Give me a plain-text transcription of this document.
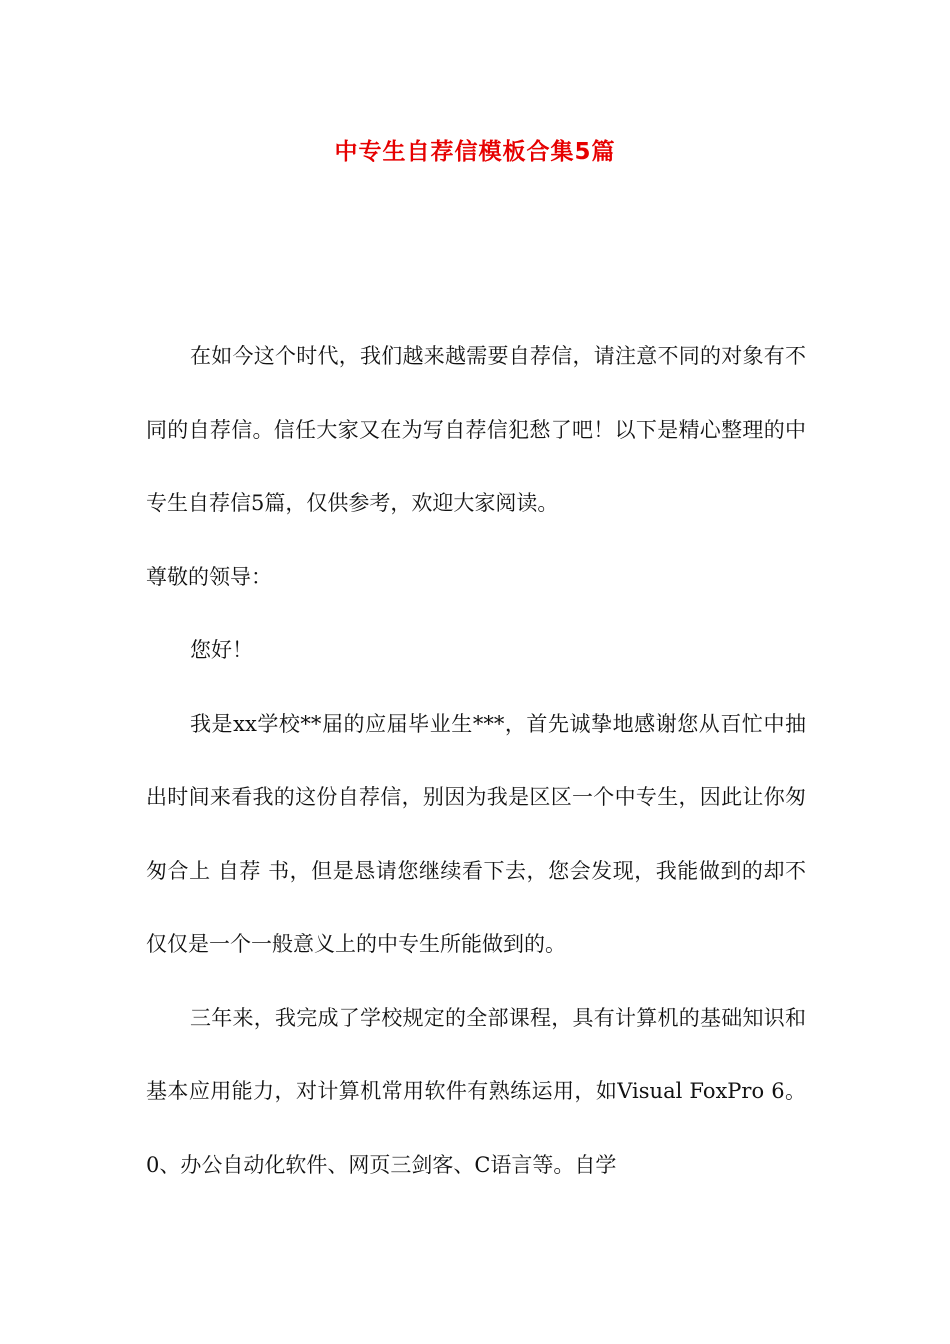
中专生自荐信模板合集5篇

在如今这个时代，我们越来越需要自荐信，请注意不同的对象有不同的自荐信。信任大家又在为写自荐信犯愁了吧！以下是精心整理的中专生自荐信5篇，仅供参考，欢迎大家阅读。

尊敬的领导：

您好！

我是xx学校**届的应届毕业生***，首先诚挚地感谢您从百忙中抽出时间来看我的这份自荐信，别因为我是区区一个中专生，因此让你匆匆合上 自荐 书，但是恳请您继续看下去，您会发现，我能做到的却不仅仅是一个一般意义上的中专生所能做到的。

三年来，我完成了学校规定的全部课程，具有计算机的基础知识和基本应用能力，对计算机常用软件有熟练运用，如Visual FoxPro 6。0、办公自动化软件、网页三剑客、C语言等。自学
